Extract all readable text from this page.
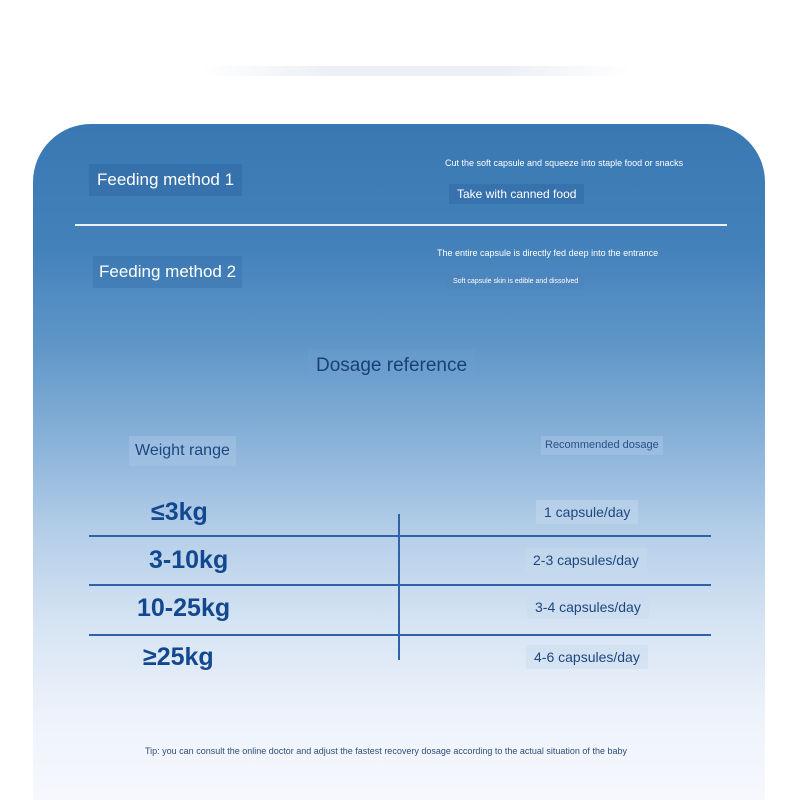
Feeding method 1
Cut the soft capsule and squeeze into staple food or snacks
Take with canned food
Feeding method 2
The entire capsule is directly fed deep into the entrance
Soft capsule skin is edible and dissolved
Dosage reference
Weight range	Recommended dosage
≤3kg	1 capsule/day
3-10kg	2-3 capsules/day
10-25kg	3-4 capsules/day
≥25kg	4-6 capsules/day
Tip: you can consult the online doctor and adjust the fastest recovery dosage according to the actual situation of the baby
